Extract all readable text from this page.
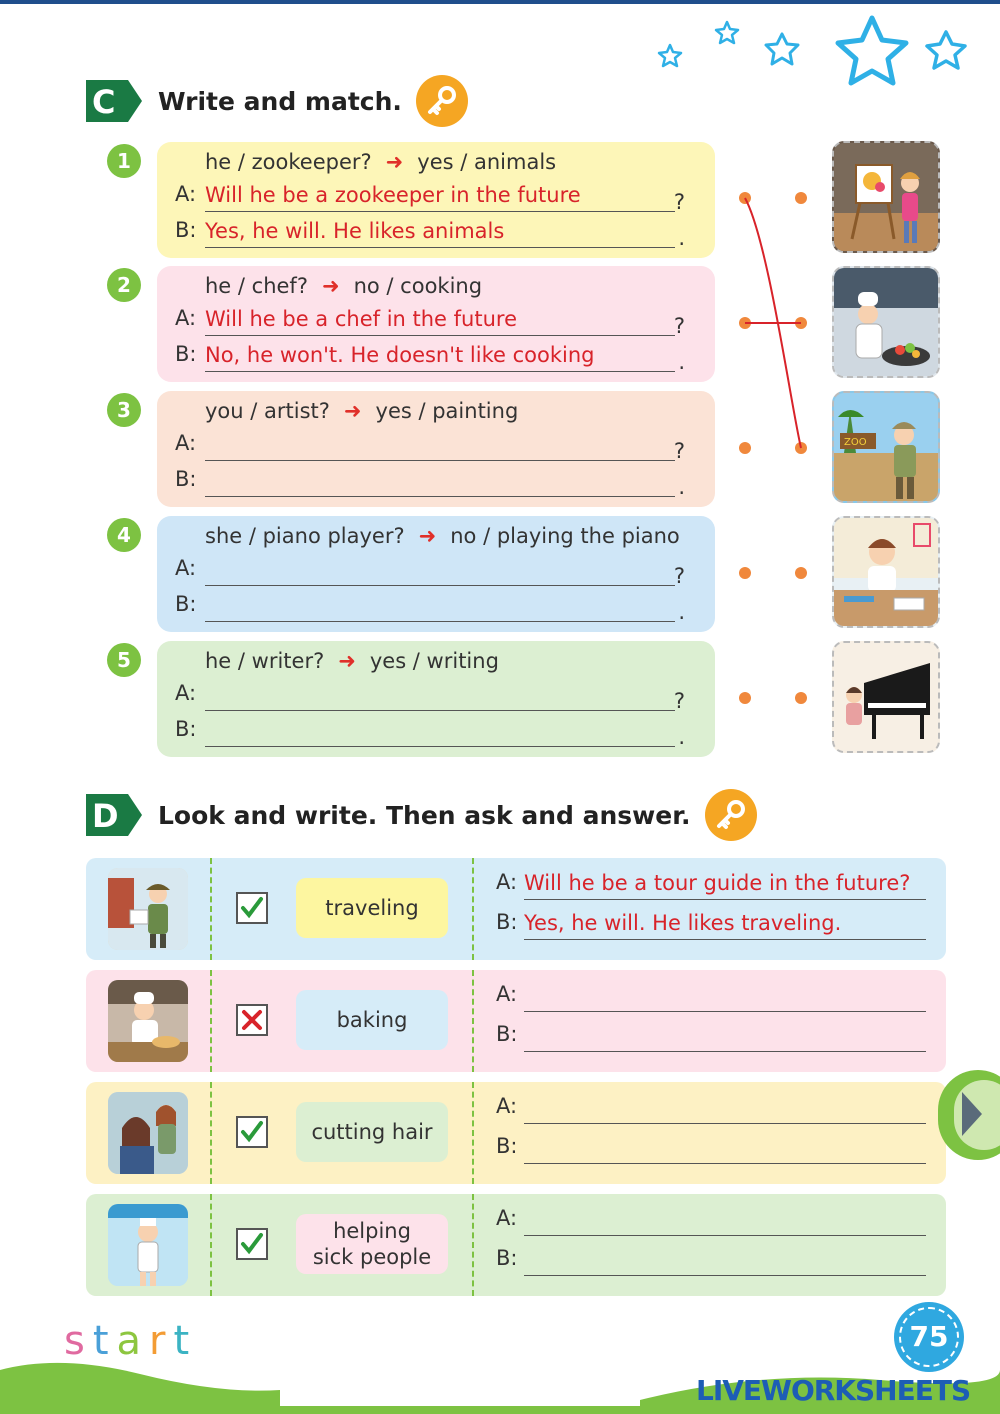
C Write and match.
1	he / zookeeper? ➜ yes / animals
A: Will he be a zookeeper in the future	?
B: Yes, he will. He likes animals	.
2	he / chef? ➜ no / cooking
A: Will he be a chef in the future	?
B: No, he won't. He doesn't like cooking	.
3	you / artist? ➜ yes / painting
A:	?
B:	.
4	she / piano player? ➜ no / playing the piano
A:	?
B:	.
5	he / writer? ➜ yes / writing
A:	?
B:	.
ZOO
D Look and write. Then ask and answer.
traveling
A: Will he be a tour guide in the future?
B: Yes, he will. He likes traveling.
baking
A:
B:
cutting hair
A:
B:
helping sick people
A:
B:
start	75
LIVEWORKSHEETS
